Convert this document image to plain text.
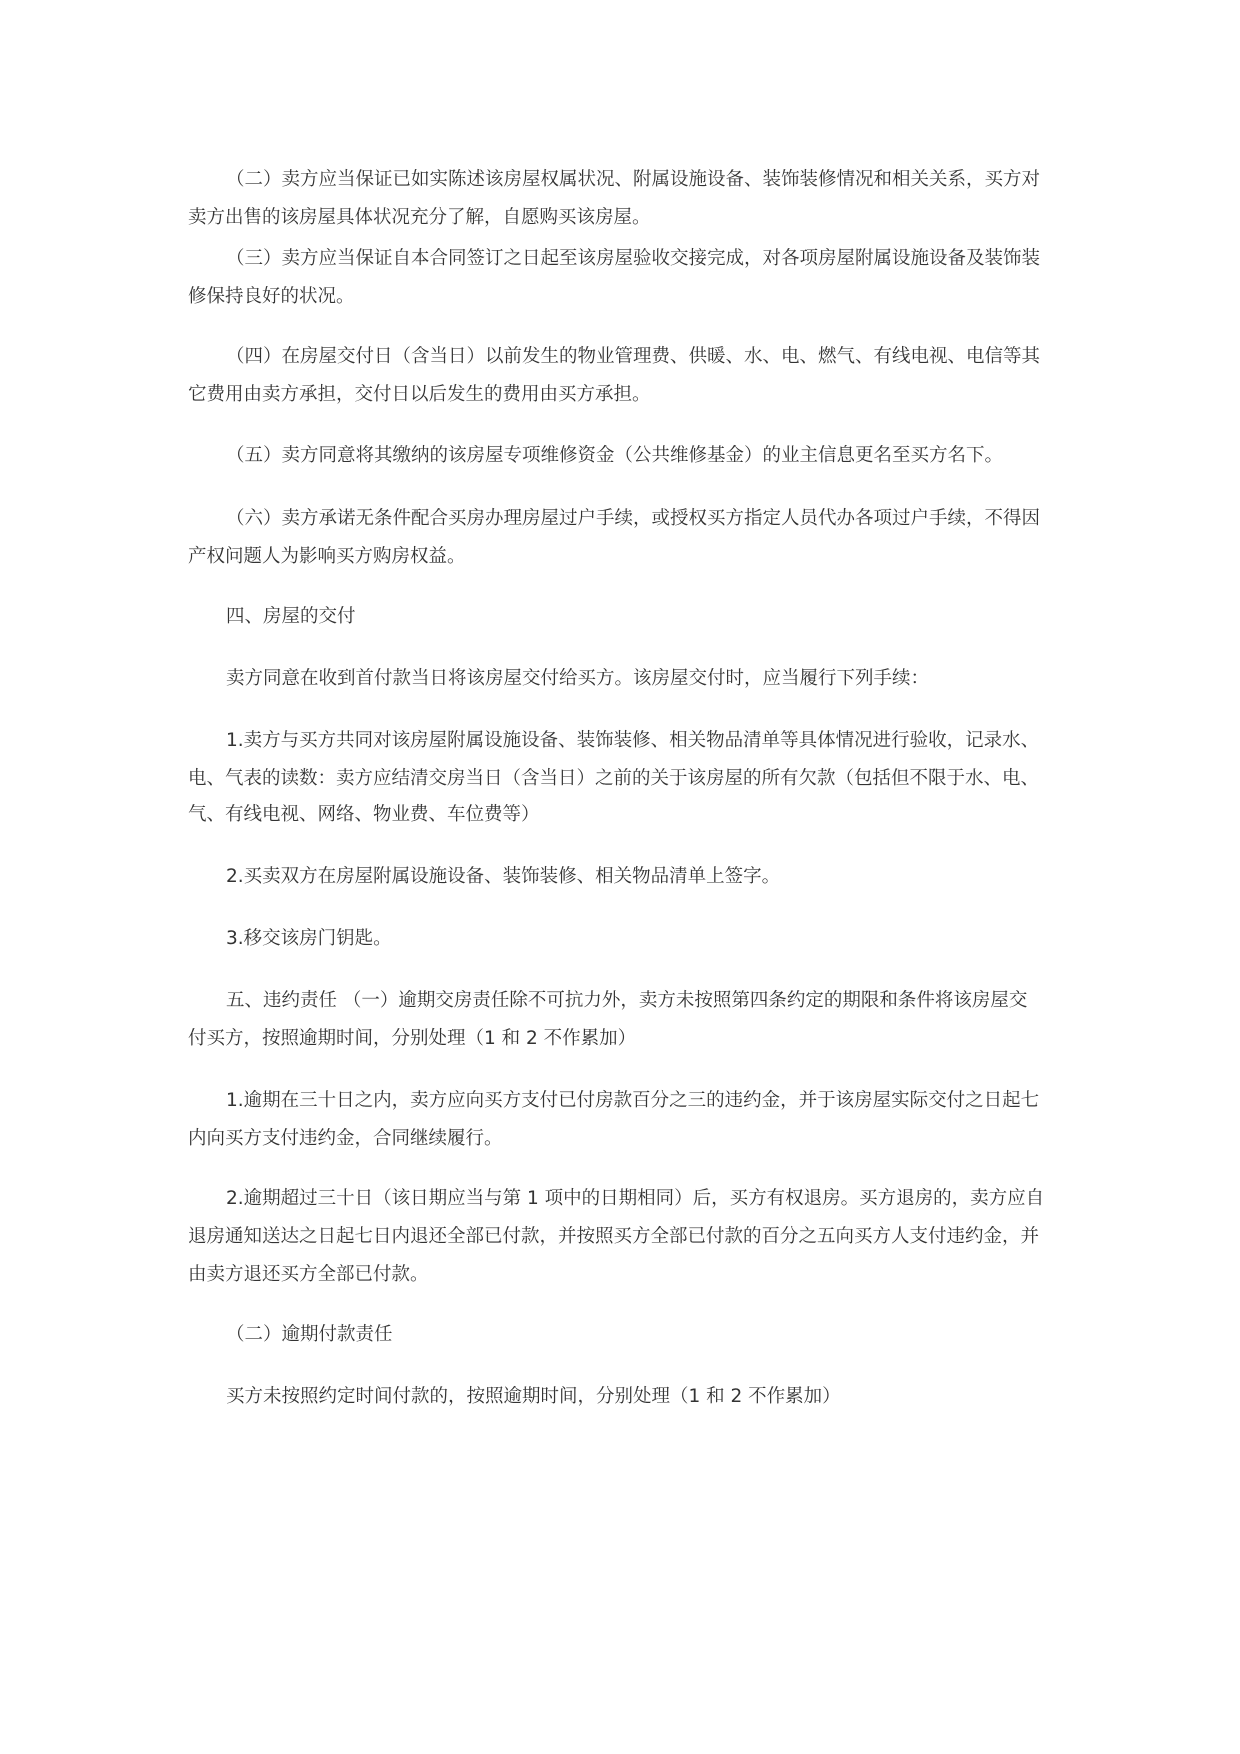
（二）卖方应当保证已如实陈述该房屋权属状况、附属设施设备、装饰装修情况和相关关系，买方对
卖方出售的该房屋具体状况充分了解，自愿购买该房屋。
（三）卖方应当保证自本合同签订之日起至该房屋验收交接完成，对各项房屋附属设施设备及装饰装
修保持良好的状况。
（四）在房屋交付日（含当日）以前发生的物业管理费、供暖、水、电、燃气、有线电视、电信等其
它费用由卖方承担，交付日以后发生的费用由买方承担。
（五）卖方同意将其缴纳的该房屋专项维修资金（公共维修基金）的业主信息更名至买方名下。
（六）卖方承诺无条件配合买房办理房屋过户手续，或授权买方指定人员代办各项过户手续，不得因
产权问题人为影响买方购房权益。
四、房屋的交付
卖方同意在收到首付款当日将该房屋交付给买方。该房屋交付时，应当履行下列手续：
1.卖方与买方共同对该房屋附属设施设备、装饰装修、相关物品清单等具体情况进行验收，记录水、
电、气表的读数：卖方应结清交房当日（含当日）之前的关于该房屋的所有欠款（包括但不限于水、电、
气、有线电视、网络、物业费、车位费等）
2.买卖双方在房屋附属设施设备、装饰装修、相关物品清单上签字。
3.移交该房门钥匙。
五、违约责任 （一）逾期交房责任除不可抗力外，卖方未按照第四条约定的期限和条件将该房屋交
付买方，按照逾期时间，分别处理（1 和 2 不作累加）
1.逾期在三十日之内，卖方应向买方支付已付房款百分之三的违约金，并于该房屋实际交付之日起七
内向买方支付违约金，合同继续履行。
2.逾期超过三十日（该日期应当与第 1 项中的日期相同）后，买方有权退房。买方退房的，卖方应自
退房通知送达之日起七日内退还全部已付款，并按照买方全部已付款的百分之五向买方人支付违约金，并
由卖方退还买方全部已付款。
（二）逾期付款责任
买方未按照约定时间付款的，按照逾期时间，分别处理（1 和 2 不作累加）
